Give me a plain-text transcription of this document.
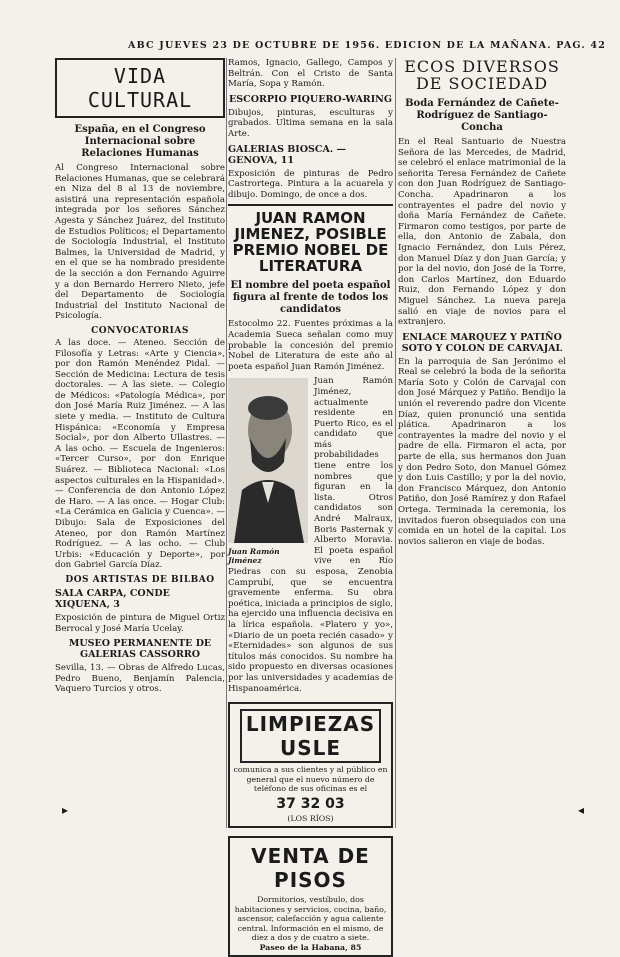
ABC JUEVES 23 DE OCTUBRE DE 1956. EDICION DE LA MAÑANA. PAG. 42
VIDA CULTURAL
España, en el Congreso Internacional sobre Relaciones Humanas

Al Congreso Internacional sobre Relaciones Humanas, que se celebrará en Niza del 8 al 13 de noviembre, asistirá una representación española integrada por los señores Sánchez Agesta y Sánchez Juárez, del Instituto de Estudios Políticos; el Departamento de Sociología Industrial, el Instituto Balmes, la Universidad de Madrid, y en el que se ha nombrado presidente de la sección a don Fernando Aguirre y a don Bernardo Herrero Nieto, jefe del Departamento de Sociología Industrial del Instituto Nacional de Psicología.

CONVOCATORIAS

A las doce. — Ateneo. Sección de Filosofía y Letras: «Arte y Ciencia», por don Ramón Menéndez Pidal. — Sección de Medicina: Lectura de tesis doctorales. — A las siete. — Colegio de Médicos: «Patología Médica», por don José María Ruiz Jiménez. — A las siete y media. — Instituto de Cultura Hispánica: «Economía y Empresa Social», por don Alberto Ullastres. — A las ocho. — Escuela de Ingenieros: «Tercer Curso», por don Enrique Suárez. — Biblioteca Nacional: «Los aspectos culturales en la Hispanidad». — Conferencia de don Antonio López de Haro. — A las once. — Hogar Club: «La Cerámica en Galicia y Cuenca». — Dibujo: Sala de Exposiciones del Ateneo, por don Ramón Martínez Rodríguez. — A las ocho. — Club Urbis: «Educación y Deporte», por don Gabriel García Díaz.

DOS ARTISTAS DE BILBAO
SALA CARPA, CONDE XIQUENA, 3

Exposición de pintura de Miguel Ortiz Berrocal y José María Ucelay.

MUSEO PERMANENTE DE GALERIAS CASSORRO

Sevilla, 13. — Obras de Alfredo Lucas, Pedro Bueno, Benjamín Palencia, Vaquero Turcios y otros.

Ramos, Ignacio, Gallego, Campos y Beltrán. Con el Cristo de Santa María, Sopa y Ramón.

ESCORPIO PIQUERO-WARING

Dibujos, pinturas, esculturas y grabados. Ultima semana en la sala Arte.

GALERIAS BIOSCA. — GENOVA, 11

Exposición de pinturas de Pedro Castrortega. Pintura a la acuarela y dibujo. Domingo, de once a dos.

JUAN RAMON JIMENEZ, POSIBLE PREMIO NOBEL DE LITERATURA
El nombre del poeta español figura al frente de todos los candidatos

Estocolmo 22. Fuentes próximas a la Academia Sueca señalan como muy probable la concesión del premio Nobel de Literatura de este año al poeta español Juan Ramón Jiménez.

Juan Ramón Jiménez

Juan Ramón Jiménez, actualmente residente en Puerto Rico, es el candidato que más probabilidades tiene entre los nombres que figuran en la lista. Otros candidatos son André Malraux, Boris Pasternak y Alberto Moravia. El poeta español vive en Río Piedras con su esposa, Zenobia Camprubí, que se encuentra gravemente enferma. Su obra poética, iniciada a principios de siglo, ha ejercido una influencia decisiva en la lírica española. «Platero y yo», «Diario de un poeta recién casado» y «Eternidades» son algunos de sus títulos más conocidos. Su nombre ha sido propuesto en diversas ocasiones por las universidades y academias de Hispanoamérica.

LIMPIEZAS USLE
comunica a sus clientes y al público en general que el nuevo número de teléfono de sus oficinas es el
37 32 03
(LOS RÍOS)
VENTA DE PISOS
Dormitorios, vestíbulo, dos habitaciones y servicios, cocina, baño, ascensor, calefacción y agua caliente central. Información en el mismo, de diez a dos y de cuatro a siete.
Paseo de la Habana, 85
ECOS DIVERSOS DE SOCIEDAD
Boda Fernández de Cañete-Rodríguez de Santiago-Concha

En el Real Santuario de Nuestra Señora de las Mercedes, de Madrid, se celebró el enlace matrimonial de la señorita Teresa Fernández de Cañete con don Juan Rodríguez de Santiago-Concha. Apadrinaron a los contrayentes el padre del novio y doña María Fernández de Cañete. Firmaron como testigos, por parte de ella, don Antonio de Zabala, don Ignacio Fernández, don Luis Pérez, don Manuel Díaz y don Juan García; y por la del novio, don José de la Torre, don Carlos Martínez, don Eduardo Ruiz, don Fernando López y don Miguel Sánchez. La nueva pareja salió en viaje de novios para el extranjero.

ENLACE MARQUEZ Y PATIÑO SOTO Y COLON DE CARVAJAL

En la parroquia de San Jerónimo el Real se celebró la boda de la señorita María Soto y Colón de Carvajal con don José Márquez y Patiño. Bendijo la unión el reverendo padre don Vicente Díaz, quien pronunció una sentida plática. Apadrinaron a los contrayentes la madre del novio y el padre de ella. Firmaron el acta, por parte de ella, sus hermanos don Juan y don Pedro Soto, don Manuel Gómez y don Luis Castillo; y por la del novio, don Francisco Márquez, don Antonio Patiño, don José Ramírez y don Rafael Ortega. Terminada la ceremonia, los invitados fueron obsequiados con una comida en un hotel de la capital. Los novios salieron en viaje de bodas.

▸	◂
